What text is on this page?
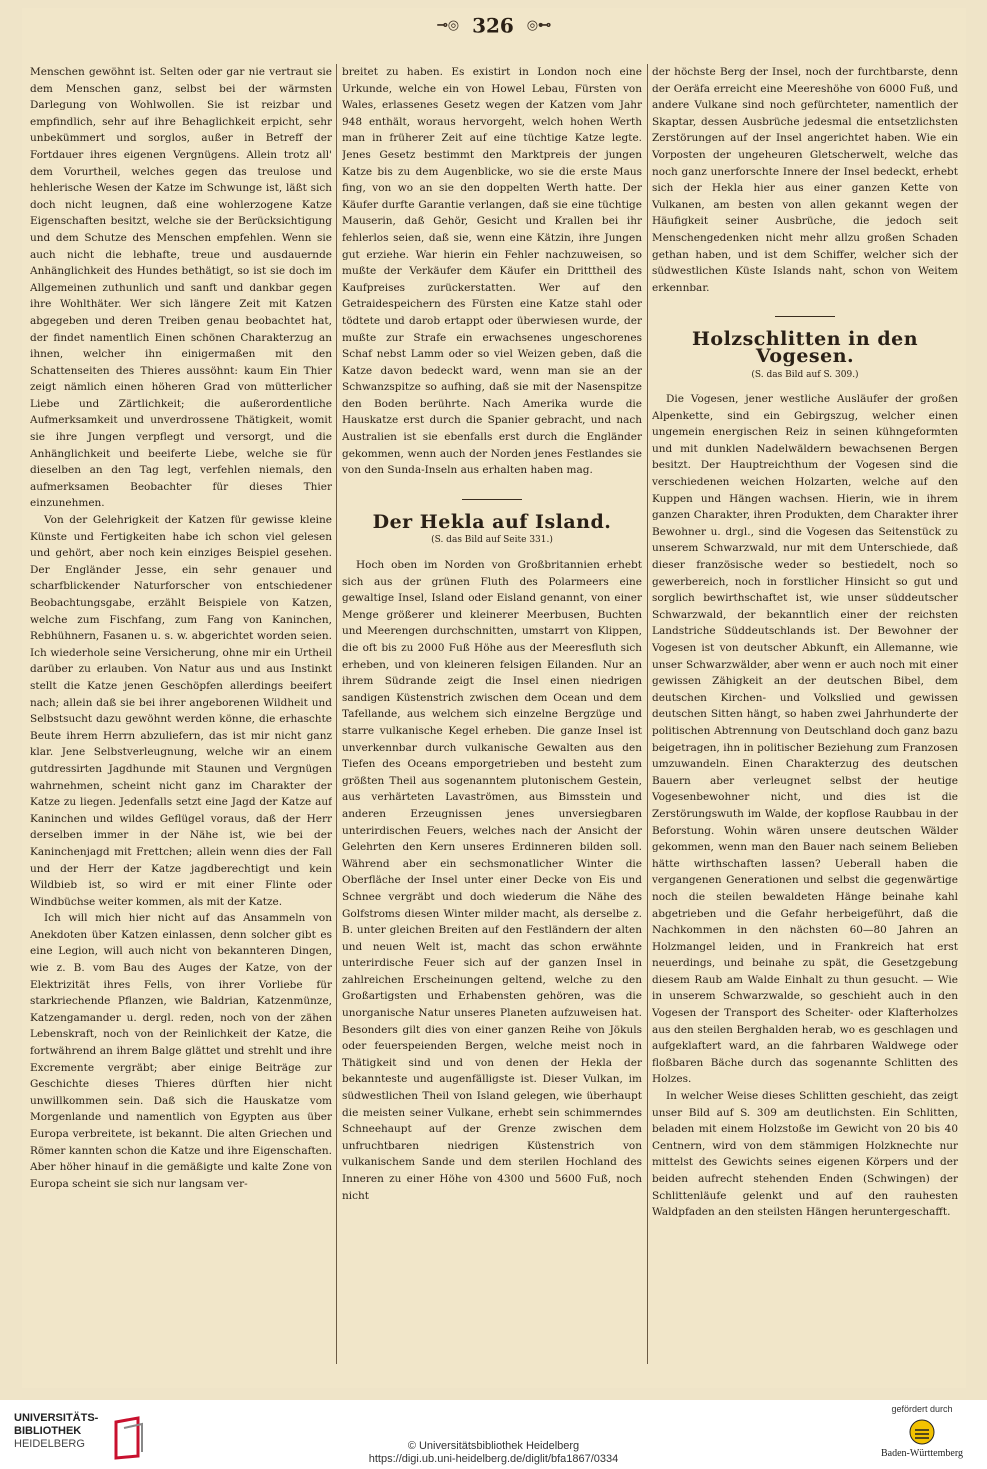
⊸◎ 326 ◎⊷

Menschen gewöhnt ist. Selten oder gar nie vertraut sie dem Menschen ganz, selbst bei der wärmsten Darlegung von Wohlwollen. Sie ist reizbar und empfindlich, sehr auf ihre Behaglichkeit erpicht, sehr unbekümmert und sorglos, außer in Betreff der Fortdauer ihres eigenen Vergnügens. Allein trotz all' dem Vorurtheil, welches gegen das treulose und hehlerische Wesen der Katze im Schwunge ist, läßt sich doch nicht leugnen, daß eine wohlerzogene Katze Eigenschaften besitzt, welche sie der Berücksichtigung und dem Schutze des Menschen empfehlen. Wenn sie auch nicht die lebhafte, treue und ausdauernde Anhänglichkeit des Hundes bethätigt, so ist sie doch im Allgemeinen zuthunlich und sanft und dankbar gegen ihre Wohlthäter. Wer sich längere Zeit mit Katzen abgegeben und deren Treiben genau beobachtet hat, der findet namentlich Einen schönen Charakterzug an ihnen, welcher ihn einigermaßen mit den Schattenseiten des Thieres aussöhnt: kaum Ein Thier zeigt nämlich einen höheren Grad von mütterlicher Liebe und Zärtlichkeit; die außerordentliche Aufmerksamkeit und unverdrossene Thätigkeit, womit sie ihre Jungen verpflegt und versorgt, und die Anhänglichkeit und beeiferte Liebe, welche sie für dieselben an den Tag legt, verfehlen niemals, den aufmerksamen Beobachter für dieses Thier einzunehmen.

Von der Gelehrigkeit der Katzen für gewisse kleine Künste und Fertigkeiten habe ich schon viel gelesen und gehört, aber noch kein einziges Beispiel gesehen. Der Engländer Jesse, ein sehr genauer und scharfblickender Naturforscher von entschiedener Beobachtungsgabe, erzählt Beispiele von Katzen, welche zum Fischfang, zum Fang von Kaninchen, Rebhühnern, Fasanen u. s. w. abgerichtet worden seien. Ich wiederhole seine Versicherung, ohne mir ein Urtheil darüber zu erlauben. Von Natur aus und aus Instinkt stellt die Katze jenen Geschöpfen allerdings beeifert nach; allein daß sie bei ihrer angeborenen Wildheit und Selbstsucht dazu gewöhnt werden könne, die erhaschte Beute ihrem Herrn abzuliefern, das ist mir nicht ganz klar. Jene Selbstverleugnung, welche wir an einem gutdressirten Jagdhunde mit Staunen und Vergnügen wahrnehmen, scheint nicht ganz im Charakter der Katze zu liegen. Jedenfalls setzt eine Jagd der Katze auf Kaninchen und wildes Geflügel voraus, daß der Herr derselben immer in der Nähe ist, wie bei der Kaninchenjagd mit Frettchen; allein wenn dies der Fall und der Herr der Katze jagdberechtigt und kein Wildbieb ist, so wird er mit einer Flinte oder Windbüchse weiter kommen, als mit der Katze.

Ich will mich hier nicht auf das Ansammeln von Anekdoten über Katzen einlassen, denn solcher gibt es eine Legion, will auch nicht von bekannteren Dingen, wie z. B. vom Bau des Auges der Katze, von der Elektrizität ihres Fells, von ihrer Vorliebe für starkriechende Pflanzen, wie Baldrian, Katzenmünze, Katzengamander u. dergl. reden, noch von der zähen Lebenskraft, noch von der Reinlichkeit der Katze, die fortwährend an ihrem Balge glättet und strehlt und ihre Excremente vergräbt; aber einige Beiträge zur Geschichte dieses Thieres dürften hier nicht unwillkommen sein. Daß sich die Hauskatze vom Morgenlande und namentlich von Egypten aus über Europa verbreitete, ist bekannt. Die alten Griechen und Römer kannten schon die Katze und ihre Eigenschaften. Aber höher hinauf in die gemäßigte und kalte Zone von Europa scheint sie sich nur langsam ver-

breitet zu haben. Es existirt in London noch eine Urkunde, welche ein von Howel Lebau, Fürsten von Wales, erlassenes Gesetz wegen der Katzen vom Jahr 948 enthält, woraus hervorgeht, welch hohen Werth man in früherer Zeit auf eine tüchtige Katze legte. Jenes Gesetz bestimmt den Marktpreis der jungen Katze bis zu dem Augenblicke, wo sie die erste Maus fing, von wo an sie den doppelten Werth hatte. Der Käufer durfte Garantie verlangen, daß sie eine tüchtige Mauserin, daß Gehör, Gesicht und Krallen bei ihr fehlerlos seien, daß sie, wenn eine Kätzin, ihre Jungen gut erziehe. War hierin ein Fehler nachzuweisen, so mußte der Verkäufer dem Käufer ein Dritttheil des Kaufpreises zurückerstatten. Wer auf den Getraidespeichern des Fürsten eine Katze stahl oder tödtete und darob ertappt oder überwiesen wurde, der mußte zur Strafe ein erwachsenes ungeschorenes Schaf nebst Lamm oder so viel Weizen geben, daß die Katze davon bedeckt ward, wenn man sie an der Schwanzspitze so aufhing, daß sie mit der Nasenspitze den Boden berührte. Nach Amerika wurde die Hauskatze erst durch die Spanier gebracht, und nach Australien ist sie ebenfalls erst durch die Engländer gekommen, wenn auch der Norden jenes Festlandes sie von den Sunda-Inseln aus erhalten haben mag.

Der Hekla auf Island.
(S. das Bild auf Seite 331.)

Hoch oben im Norden von Großbritannien erhebt sich aus der grünen Fluth des Polarmeers eine gewaltige Insel, Island oder Eisland genannt, von einer Menge größerer und kleinerer Meerbusen, Buchten und Meerengen durchschnitten, umstarrt von Klippen, die oft bis zu 2000 Fuß Höhe aus der Meeresfluth sich erheben, und von kleineren felsigen Eilanden. Nur an ihrem Südrande zeigt die Insel einen niedrigen sandigen Küstenstrich zwischen dem Ocean und dem Tafellande, aus welchem sich einzelne Bergzüge und starre vulkanische Kegel erheben. Die ganze Insel ist unverkennbar durch vulkanische Gewalten aus den Tiefen des Oceans emporgetrieben und besteht zum größten Theil aus sogenanntem plutonischem Gestein, aus verhärteten Lavaströmen, aus Bimsstein und anderen Erzeugnissen jenes unversiegbaren unterirdischen Feuers, welches nach der Ansicht der Gelehrten den Kern unseres Erdinneren bilden soll. Während aber ein sechsmonatlicher Winter die Oberfläche der Insel unter einer Decke von Eis und Schnee vergräbt und doch wiederum die Nähe des Golfstroms diesen Winter milder macht, als derselbe z. B. unter gleichen Breiten auf den Festländern der alten und neuen Welt ist, macht das schon erwähnte unterirdische Feuer sich auf der ganzen Insel in zahlreichen Erscheinungen geltend, welche zu den Großartigsten und Erhabensten gehören, was die unorganische Natur unseres Planeten aufzuweisen hat. Besonders gilt dies von einer ganzen Reihe von Jökuls oder feuerspeienden Bergen, welche meist noch in Thätigkeit sind und von denen der Hekla der bekannteste und augenfälligste ist. Dieser Vulkan, im südwestlichen Theil von Island gelegen, wie überhaupt die meisten seiner Vulkane, erhebt sein schimmerndes Schneehaupt auf der Grenze zwischen dem unfruchtbaren niedrigen Küstenstrich von vulkanischem Sande und dem sterilen Hochland des Inneren zu einer Höhe von 4300 und 5600 Fuß, noch nicht

der höchste Berg der Insel, noch der furchtbarste, denn der Oeräfa erreicht eine Meereshöhe von 6000 Fuß, und andere Vulkane sind noch gefürchteter, namentlich der Skaptar, dessen Ausbrüche jedesmal die entsetzlichsten Zerstörungen auf der Insel angerichtet haben. Wie ein Vorposten der ungeheuren Gletscherwelt, welche das noch ganz unerforschte Innere der Insel bedeckt, erhebt sich der Hekla hier aus einer ganzen Kette von Vulkanen, am besten von allen gekannt wegen der Häufigkeit seiner Ausbrüche, die jedoch seit Menschengedenken nicht mehr allzu großen Schaden gethan haben, und ist dem Schiffer, welcher sich der südwestlichen Küste Islands naht, schon von Weitem erkennbar.

Holzschlitten in den Vogesen.
(S. das Bild auf S. 309.)

Die Vogesen, jener westliche Ausläufer der großen Alpenkette, sind ein Gebirgszug, welcher einen ungemein energischen Reiz in seinen kühngeformten und mit dunklen Nadelwäldern bewachsenen Bergen besitzt. Der Hauptreichthum der Vogesen sind die verschiedenen weichen Holzarten, welche auf den Kuppen und Hängen wachsen. Hierin, wie in ihrem ganzen Charakter, ihren Produkten, dem Charakter ihrer Bewohner u. drgl., sind die Vogesen das Seitenstück zu unserem Schwarzwald, nur mit dem Unterschiede, daß dieser französische weder so bestiedelt, noch so gewerbereich, noch in forstlicher Hinsicht so gut und sorglich bewirthschaftet ist, wie unser süddeutscher Schwarzwald, der bekanntlich einer der reichsten Landstriche Süddeutschlands ist. Der Bewohner der Vogesen ist von deutscher Abkunft, ein Allemanne, wie unser Schwarzwälder, aber wenn er auch noch mit einer gewissen Zähigkeit an der deutschen Bibel, dem deutschen Kirchen- und Volkslied und gewissen deutschen Sitten hängt, so haben zwei Jahrhunderte der politischen Abtrennung von Deutschland doch ganz bazu beigetragen, ihn in politischer Beziehung zum Franzosen umzuwandeln. Einen Charakterzug des deutschen Bauern aber verleugnet selbst der heutige Vogesenbewohner nicht, und dies ist die Zerstörungswuth im Walde, der kopflose Raubbau in der Beforstung. Wohin wären unsere deutschen Wälder gekommen, wenn man den Bauer nach seinem Belieben hätte wirthschaften lassen? Ueberall haben die vergangenen Generationen und selbst die gegenwärtige noch die steilen bewaldeten Hänge beinahe kahl abgetrieben und die Gefahr herbeigeführt, daß die Nachkommen in den nächsten 60—80 Jahren an Holzmangel leiden, und in Frankreich hat erst neuerdings, und beinahe zu spät, die Gesetzgebung diesem Raub am Walde Einhalt zu thun gesucht. — Wie in unserem Schwarzwalde, so geschieht auch in den Vogesen der Transport des Scheiter- oder Klafterholzes aus den steilen Berghalden herab, wo es geschlagen und aufgeklaftert ward, an die fahrbaren Waldwege oder floßbaren Bäche durch das sogenannte Schlitten des Holzes.

In welcher Weise dieses Schlitten geschieht, das zeigt unser Bild auf S. 309 am deutlichsten. Ein Schlitten, beladen mit einem Holzstoße im Gewicht von 20 bis 40 Centnern, wird von dem stämmigen Holzknechte nur mittelst des Gewichts seines eigenen Körpers und der beiden aufrecht stehenden Enden (Schwingen) der Schlittenläufe gelenkt und auf den rauhesten Waldpfaden an den steilsten Hängen heruntergeschafft.

UNIVERSITÄTS-
BIBLIOTHEK
HEIDELBERG	© Universitätsbibliothek Heidelberg
https://digi.ub.uni-heidelberg.de/diglit/bfa1867/0334
gefördert durch
Baden-Württemberg
